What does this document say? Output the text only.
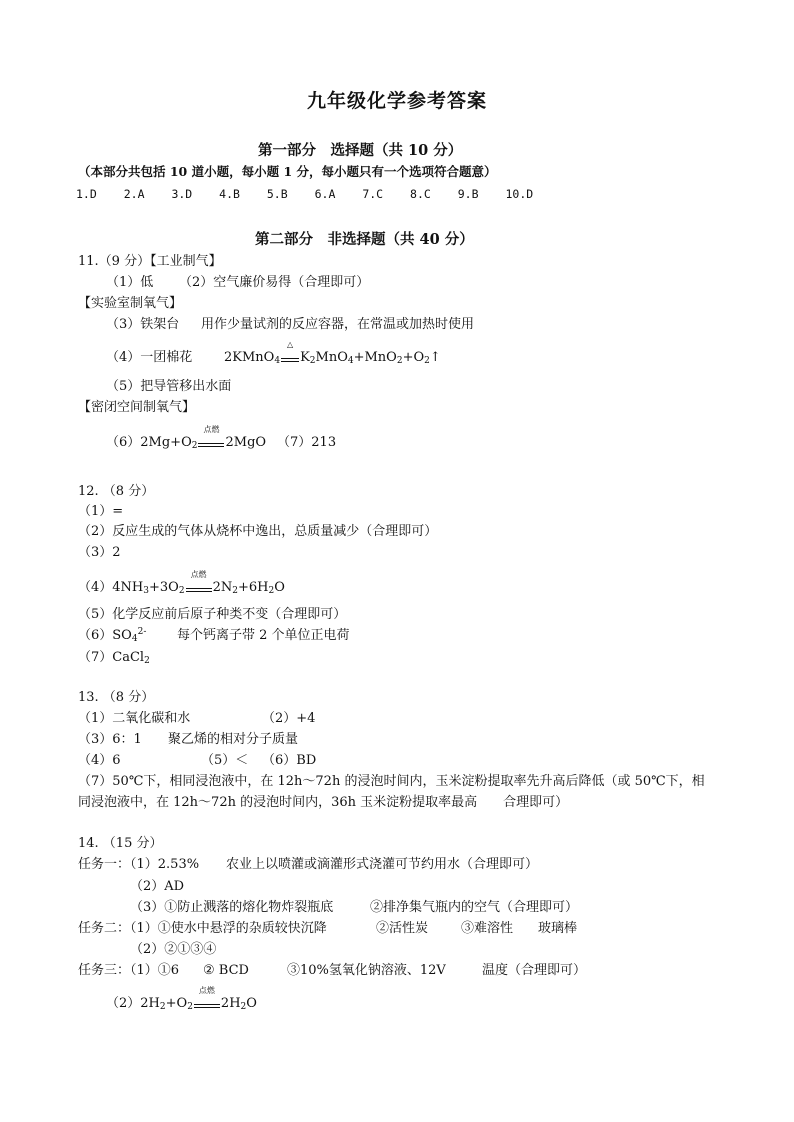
九年级化学参考答案
第一部分　选择题（共 10 分）
（本部分共包括 10 道小题，每小题 1 分，每小题只有一个选项符合题意）
1.D 2.A 3.D 4.B 5.B 6.A 7.C 8.C 9.B 10.D
第二部分　非选择题（共 40 分）
11.（9 分）【工业制气】
（1）低 （2）空气廉价易得（合理即可）
【实验室制氧气】
（3）铁架台 用作少量试剂的反应容器，在常温或加热时使用
（4）一团棉花 2KMnO$_4$
△
$K_2MnO_4+MnO_2+O_2↑$
（5）把导管移出水面
【密闭空间制氧气】
$(6)2Mg+O_2$
点燃
2MgO （7）213
12. （8 分）
（1）=
（2）反应生成的气体从烧杯中逸出，总质量减少（合理即可）
（3）2
$(4)4NH_3+3O_2$
点燃
$2N_2+6H_2O$
（5）化学反应前后原子种类不变（合理即可）
$(6)SO_4^{2-}$ 每个钙离子带 2 个单位正电荷
（7）CaCl$_2$
13. （8 分）
（1）二氧化碳和水	（2）+4
（3）6：1 聚乙烯的相对分子质量
（4）6	（5）＜ （6）BD
（7）50℃下，相同浸泡液中，在 12h～72h 的浸泡时间内，玉米淀粉提取率先升高后降低（或 50℃下，相
同浸泡液中，在 12h～72h 的浸泡时间内，36h 玉米淀粉提取率最高　　合理即可）
14. （15 分）
任务一：（1）2.53% 农业上以喷灌或滴灌形式浇灌可节约用水（合理即可）
（2）AD
（3）①防止溅落的熔化物炸裂瓶底	②排净集气瓶内的空气（合理即可）
任务二：（1）①使水中悬浮的杂质较快沉降	②活性炭	③难溶性 玻璃棒
（2）②①③④
任务三：（1）①6 ② BCD	③10%氢氧化钠溶液、12V	温度（合理即可）
$(2)2H_2+O_2$
点燃
$2H_2O$
